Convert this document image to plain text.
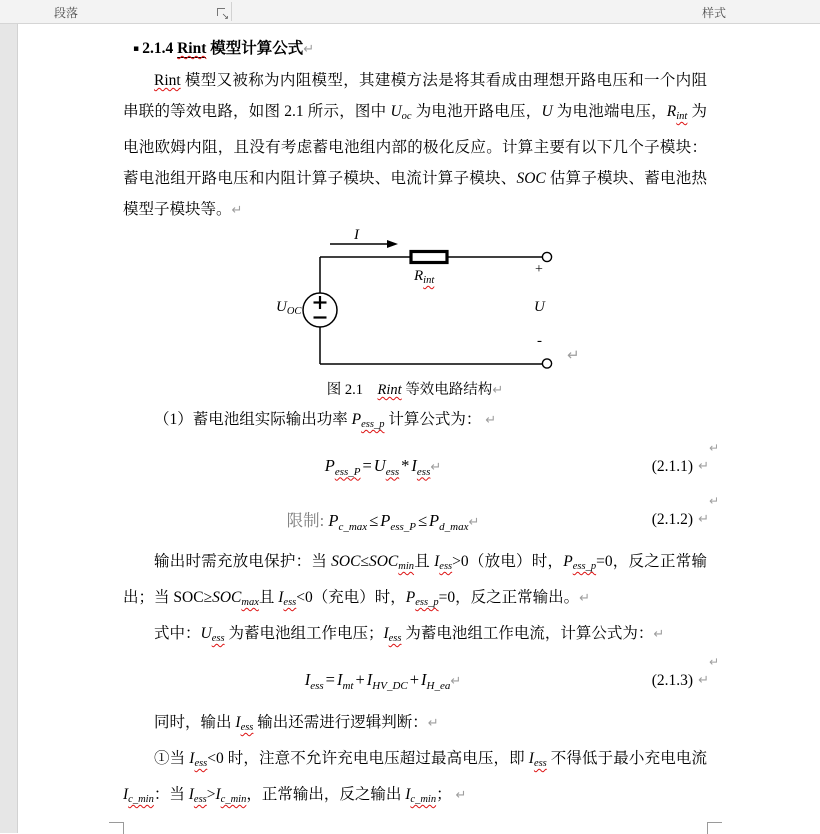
段落	↘	样式

▪ 2.1.4 Rint 模型计算公式↵

Rint 模型又被称为内阻模型，其建模方法是将其看成由理想开路电压和一个内阻串联的等效电路，如图 2.1 所示，图中 $U_{oc}$ 为电池开路电压，U 为电池端电压，$R_{int}$ 为电池欧姆内阻，且没有考虑蓄电池组内部的极化反应。计算主要有以下几个子模块：蓄电池组开路电压和内阻计算子模块、电流计算子模块、SOC 估算子模块、蓄电池热模型子模块等。↵

I
$R_{int}$
$U_{OC}$
+
U
-
↵

图 2.1　 Rint 等效电路结构↵

（1）蓄电池组实际输出功率 $P_{ess\_p}$ 计算公式为： ↵

$P_{ess\_P} = U_{ess}$ * $I_{ess}↵$	(2.1.1) ↵
↵
限制: $P_{c\_max} \le P_{ess\_P}$ ≤ $P_{d\_max}↵$	(2.1.2) ↵
↵

输出时需充放电保护：当 $SOC\le SOC_{min}$且 $I_{ess}>0$（放电）时，$P_{ess\_p}=0$，反之正常输出；当 $SOC\ge SOC_{max}$且 $I_{ess}<0$（充电）时，$P_{ess\_p}=0$，反之正常输出。↵

式中：$U_{ess}$ 为蓄电池组工作电压；$I_{ess}$ 为蓄电池组工作电流，计算公式为：↵

$I_{ess} = I_{mt} + I_{HV\_DC}$ + $I_{H\_ea}↵$	(2.1.3) ↵
↵

同时，输出 $I_{ess}$ 输出还需进行逻辑判断：↵

①当 $I_{ess}<0$ 时，注意不允许充电电压超过最高电压，即 $I_{ess}$ 不得低于最小充电电流 $I_{c\_min}$：当 $I_{ess}>I_{c\_min}$，正常输出，反之输出 $I_{c\_min}$； ↵
